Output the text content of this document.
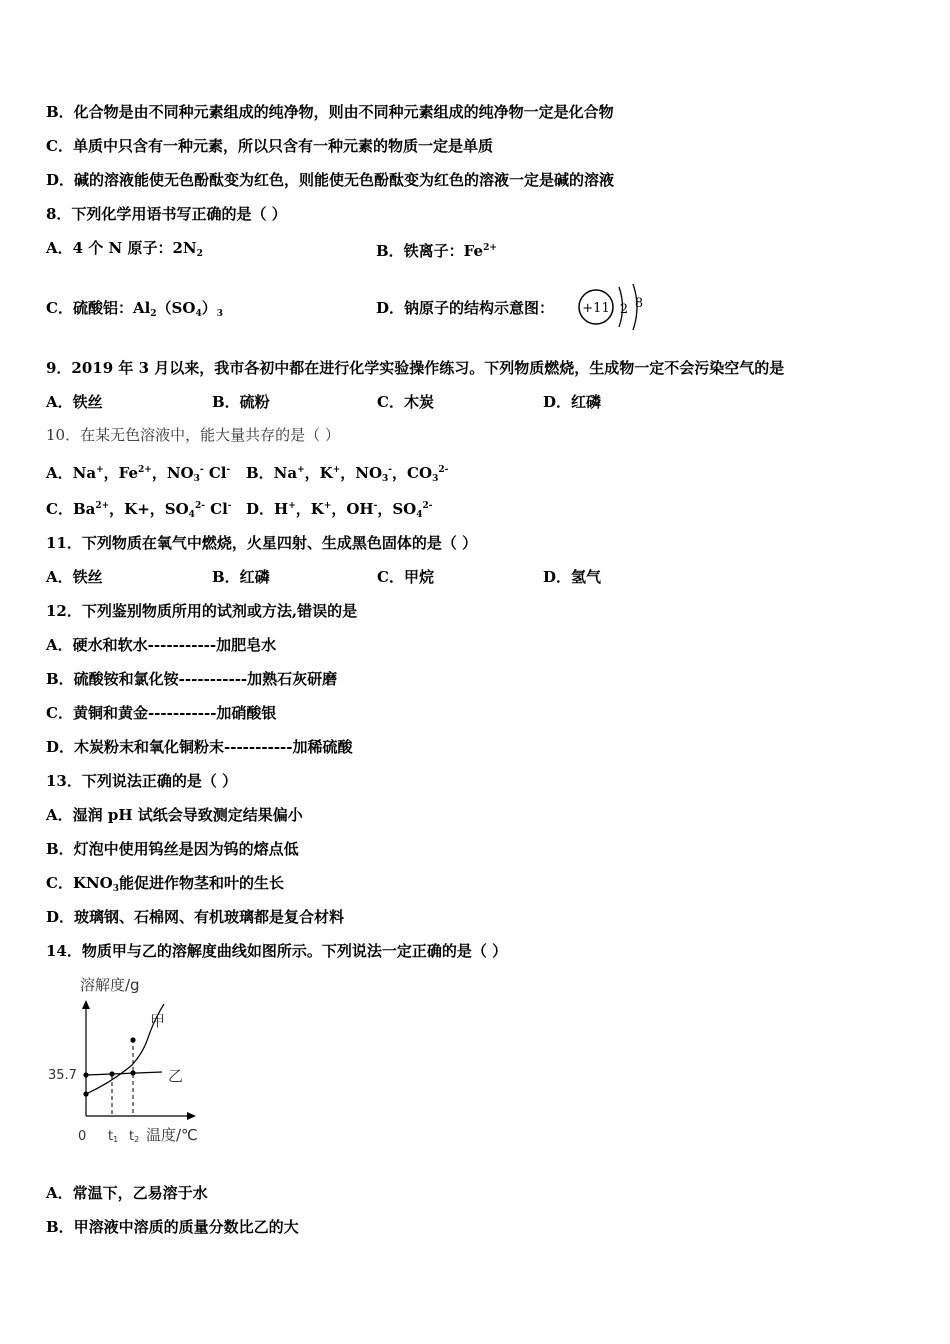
B．化合物是由不同种元素组成的纯净物，则由不同种元素组成的纯净物一定是化合物
C．单质中只含有一种元素，所以只含有一种元素的物质一定是单质
D．碱的溶液能使无色酚酞变为红色，则能使无色酚酞变为红色的溶液一定是碱的溶液
8．下列化学用语书写正确的是（ ）
A．4 个 N 原子：$2N_2$	B．铁离子：$Fe^{2+}$
C．硫酸铝：$Al_2(SO_4)_3$	D．钠原子的结构示意图： +11 2 8
9．2019 年 3 月以来，我市各初中都在进行化学实验操作练习。下列物质燃烧，生成物一定不会污染空气的是
A．铁丝	B．硫粉	C．木炭	D．红磷
10．在某无色溶液中，能大量共存的是（ ）
A．Na+，$Fe^{2+}$，$NO_3^-$ Cl- B．Na+，K+，$NO_3^-$，$CO_3^{2-}$
C．$Ba^{2+}$，K+，$SO_4^{2-}$ Cl- D．H+，K+，OH-，$SO_4^{2-}$
11．下列物质在氧气中燃烧，火星四射、生成黑色固体的是（ ）
A．铁丝	B．红磷	C．甲烷	D．氢气
12．下列鉴别物质所用的试剂或方法,错误的是
A．硬水和软水-----------加肥皂水
B．硫酸铵和氯化铵-----------加熟石灰研磨
C．黄铜和黄金-----------加硝酸银
D．木炭粉末和氧化铜粉末-----------加稀硫酸
13．下列说法正确的是（ ）
A．湿润 pH 试纸会导致测定结果偏小
B．灯泡中使用钨丝是因为钨的熔点低
C．$KNO_3$能促进作物茎和叶的生长
D．玻璃钢、石棉网、有机玻璃都是复合材料
14．物质甲与乙的溶解度曲线如图所示。下列说法一定正确的是（ ）
溶解度/g
35.7
甲
乙
0 t1 t2 温度/℃
A．常温下，乙易溶于水
B．甲溶液中溶质的质量分数比乙的大
